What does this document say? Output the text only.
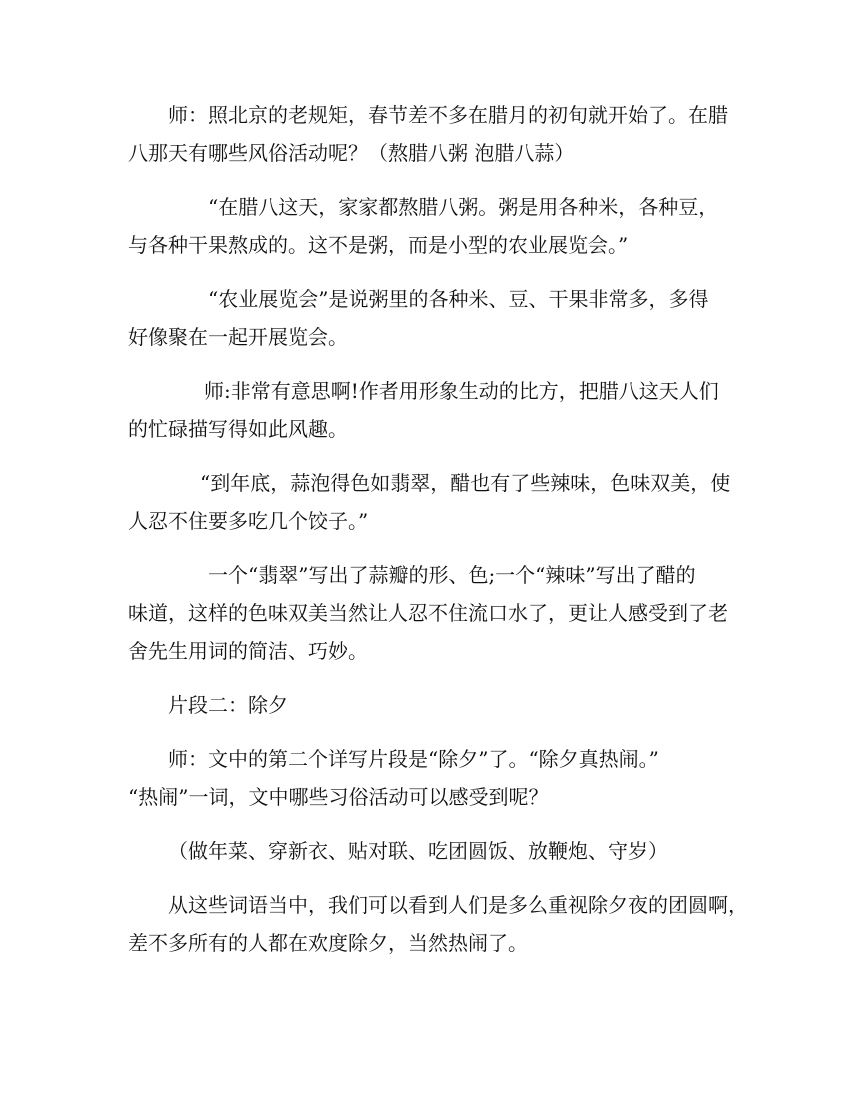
师：照北京的老规矩，春节差不多在腊月的初旬就开始了。在腊
八那天有哪些风俗活动呢？（熬腊八粥 泡腊八蒜）

“在腊八这天，家家都熬腊八粥。粥是用各种米，各种豆，
与各种干果熬成的。这不是粥，而是小型的农业展览会。”

“农业展览会”是说粥里的各种米、豆、干果非常多，多得
好像聚在一起开展览会。

师:非常有意思啊!作者用形象生动的比方，把腊八这天人们
的忙碌描写得如此风趣。

“到年底，蒜泡得色如翡翠，醋也有了些辣味，色味双美，使
人忍不住要多吃几个饺子。”

一个“翡翠”写出了蒜瓣的形、色;一个“辣味”写出了醋的
味道，这样的色味双美当然让人忍不住流口水了，更让人感受到了老
舍先生用词的简洁、巧妙。

片段二：除夕

师：文中的第二个详写片段是“除夕”了。“除夕真热闹。”
“热闹”一词，文中哪些习俗活动可以感受到呢？

（做年菜、穿新衣、贴对联、吃团圆饭、放鞭炮、守岁）

从这些词语当中，我们可以看到人们是多么重视除夕夜的团圆啊，
差不多所有的人都在欢度除夕，当然热闹了。
